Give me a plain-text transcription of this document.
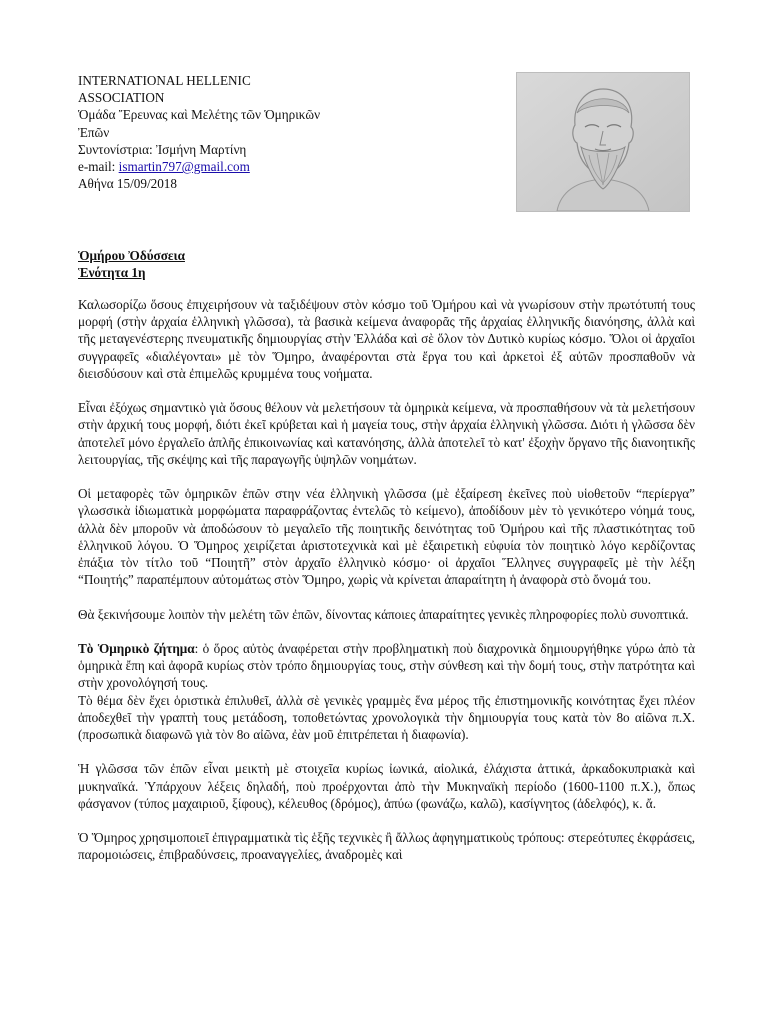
INTERNATIONAL HELLENIC
ASSOCIATION
Ὁμάδα Ἔρευνας καὶ Μελέτης τῶν Ὁμηρικῶν
Ἐπῶν
Συντονίστρια: Ἰσμήνη Μαρτίνη
e-mail: ismartin797@gmail.com
Αθήνα 15/09/2018
Ὁμήρου Ὀδύσσεια
Ἑνότητα 1η

Καλωσορίζω ὅσους ἐπιχειρήσουν νὰ ταξιδέψουν στὸν κόσμο τοῦ Ὁμήρου καὶ νὰ γνωρίσουν στὴν πρωτότυπή τους μορφή (στὴν ἀρχαία ἑλληνικὴ γλῶσσα), τὰ βασικὰ κείμενα ἀναφορᾶς τῆς ἀρχαίας ἑλληνικῆς διανόησης, ἀλλὰ καὶ τῆς μεταγενέστερης πνευματικῆς δημιουργίας στὴν Ἑλλάδα καὶ σὲ ὅλον τὸν Δυτικὸ κυρίως κόσμο. Ὅλοι οἱ ἀρχαῖοι συγγραφεῖς «διαλέγονται» μὲ τὸν Ὅμηρο, ἀναφέρονται στὰ ἔργα του καὶ ἀρκετοὶ ἐξ αὐτῶν προσπαθοῦν νὰ διεισδύσουν καὶ στὰ ἐπιμελῶς κρυμμένα τους νοήματα.

Εἶναι ἐξόχως σημαντικὸ γιὰ ὅσους θέλουν νὰ μελετήσουν τὰ ὁμηρικὰ κείμενα, νὰ προσπαθήσουν νὰ τὰ μελετήσουν στὴν ἀρχική τους μορφή, διότι ἐκεῖ κρύβεται καὶ ἡ μαγεία τους, στὴν ἀρχαία ἑλληνικὴ γλῶσσα. Διότι ἡ γλῶσσα δὲν ἀποτελεῖ μόνο ἐργαλεῖο ἁπλῆς ἐπικοινωνίας καὶ κατανόησης, ἀλλὰ ἀποτελεῖ τὸ κατ' ἐξοχὴν ὄργανο τῆς διανοητικῆς λειτουργίας, τῆς σκέψης καὶ τῆς παραγωγῆς ὑψηλῶν νοημάτων.

Οἱ μεταφορὲς τῶν ὁμηρικῶν ἐπῶν στην νέα ἑλληνικὴ γλῶσσα (μὲ ἐξαίρεση ἐκεῖνες ποὺ υἱοθετοῦν “περίεργα” γλωσσικὰ ἰδιωματικὰ μορφώματα παραφράζοντας ἐντελῶς τὸ κείμενο), ἀποδίδουν μὲν τὸ γενικότερο νόημά τους, ἀλλὰ δὲν μποροῦν νὰ ἀποδώσουν τὸ μεγαλεῖο τῆς ποιητικῆς δεινότητας τοῦ Ὁμήρου καὶ τῆς πλαστικότητας τοῦ ἑλληνικοῦ λόγου. Ὁ Ὅμηρος χειρίζεται ἀριστοτεχνικὰ καὶ μὲ ἐξαιρετικὴ εὐφυία τὸν ποιητικὸ λόγο κερδίζοντας ἐπάξια τὸν τίτλο τοῦ “Ποιητῆ” στὸν ἀρχαῖο ἑλληνικὸ κόσμο· οἱ ἀρχαῖοι Ἕλληνες συγγραφεῖς μὲ τὴν λέξη “Ποιητής” παραπέμπουν αὐτομάτως στὸν Ὅμηρο, χωρὶς νὰ κρίνεται ἀπαραίτητη ἡ ἀναφορὰ στὸ ὄνομά του.

Θὰ ξεκινήσουμε λοιπὸν τὴν μελέτη τῶν ἐπῶν, δίνοντας κάποιες ἀπαραίτητες γενικὲς πληροφορίες πολὺ συνοπτικά.

Τὸ Ὁμηρικὸ ζήτημα: ὁ ὅρος αὐτὸς ἀναφέρεται στὴν προβληματικὴ ποὺ διαχρονικὰ δημιουργήθηκε γύρω ἀπὸ τὰ ὁμηρικὰ ἔπη καὶ ἀφορᾶ κυρίως στὸν τρόπο δημιουργίας τους, στὴν σύνθεση καὶ τὴν δομή τους, στὴν πατρότητα καὶ στὴν χρονολόγησή τους.

Τὸ θέμα δὲν ἔχει ὁριστικὰ ἐπιλυθεῖ, ἀλλὰ σὲ γενικὲς γραμμὲς ἕνα μέρος τῆς ἐπιστημονικῆς κοινότητας ἔχει πλέον ἀποδεχθεῖ τὴν γραπτὴ τους μετάδοση, τοποθετώντας χρονολογικὰ τὴν δημιουργία τους κατὰ τὸν 8ο αἰῶνα π.Χ.(προσωπικὰ διαφωνῶ γιὰ τὸν 8ο αἰῶνα, ἐὰν μοῦ ἐπιτρέπεται ἡ διαφωνία).

Ἡ γλῶσσα τῶν ἐπῶν εἶναι μεικτὴ μὲ στοιχεῖα κυρίως ἰωνικά, αἰολικά, ἐλάχιστα ἀττικά, ἀρκαδοκυπριακὰ καὶ μυκηναϊκά. Ὑπάρχουν λέξεις δηλαδή, ποὺ προέρχονται ἀπὸ τὴν Μυκηναϊκὴ περίοδο (1600-1100 π.Χ.), ὅπως φάσγανον (τύπος μαχαιριοῦ, ξίφους), κέλευθος (δρόμος), ἀπύω (φωνάζω, καλῶ), κασίγνητος (ἀδελφός), κ. ἄ.

Ὁ Ὅμηρος χρησιμοποιεῖ ἐπιγραμματικὰ τὶς ἑξῆς τεχνικὲς ἢ ἄλλως ἀφηγηματικοὺς τρόπους: στερεότυπες ἐκφράσεις, παρομοιώσεις, ἐπιβραδύνσεις, προαναγγελίες, ἀναδρομὲς καὶ
